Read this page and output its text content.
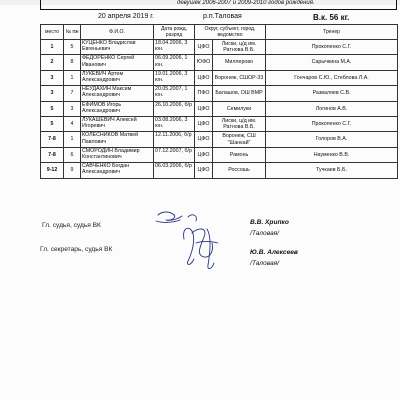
девушек 2006-2007 и 2009-2010 годов рождения.
20 апреля 2019 г.	р.п.Таловая	В.к. 56 кг.
место	№ пж	Ф.И.О.	Дата рожд, разряд	Округ, субъект, город, ведомство		Тренер
1	5	КУЦЕНКО Владислав Евгеньевич	18.04.2006, 3 юн.	ЦФО	Лиски, ц/д им. Ратнова В.Б.	Прокопенко С.Г.
2	8	ФЕДОРЕНКО Сергей Иванович	06.09.2006, 1 юн.	ЮФО	Миллерово	Сарычкина М.А.
3	1	ЛУКЕВИЧ Артем Александрович	19.01.2006, 3 юн.	ЦФО	Воронеж, СШОР-33	Гончаров С.Ю., Стеблова Л.А.
3	7	НЕУДАХИН Максим Александрович	20.05.2007, 1 юн.	ПФО	Балашов, ОШ ВМР	Разваляев С.В.
5	3	ЕФИМОВ Игорь Александрович	26.10.2006, б/р	ЦФО	Семилуки	Логинов А.В.
5	4	ЛУКАШЕВИЧ Алексей Игоревич	03.08.2006, 3 юн.	ЦФО	Лиски, ц/д им. Ратнова В.Б.	Прокопенко С.Г.
7-8	1	КОЛЕСНИКОВ Матвей Павлович	12.11.2006, б/р	ЦФО	Воронеж, СШ "Шанкай"	Голоров В.А.
7-8	6	СМОРОДИН Владимир Константинович	07.12.2007, б/р	ЦФО	Рамонь	Науменко В.В.
9-12	9	САВЧЕНКО Богдан Александрович	06.03.2006, б/р	ЦФО	Россошь	Тучкаев Б.Б.
Гл. судья, судья ВК	В.В. Хрипко
/Таловая/
Гл. секретарь, судья ВК	Ю.В. Алексеев
/Таловая/
